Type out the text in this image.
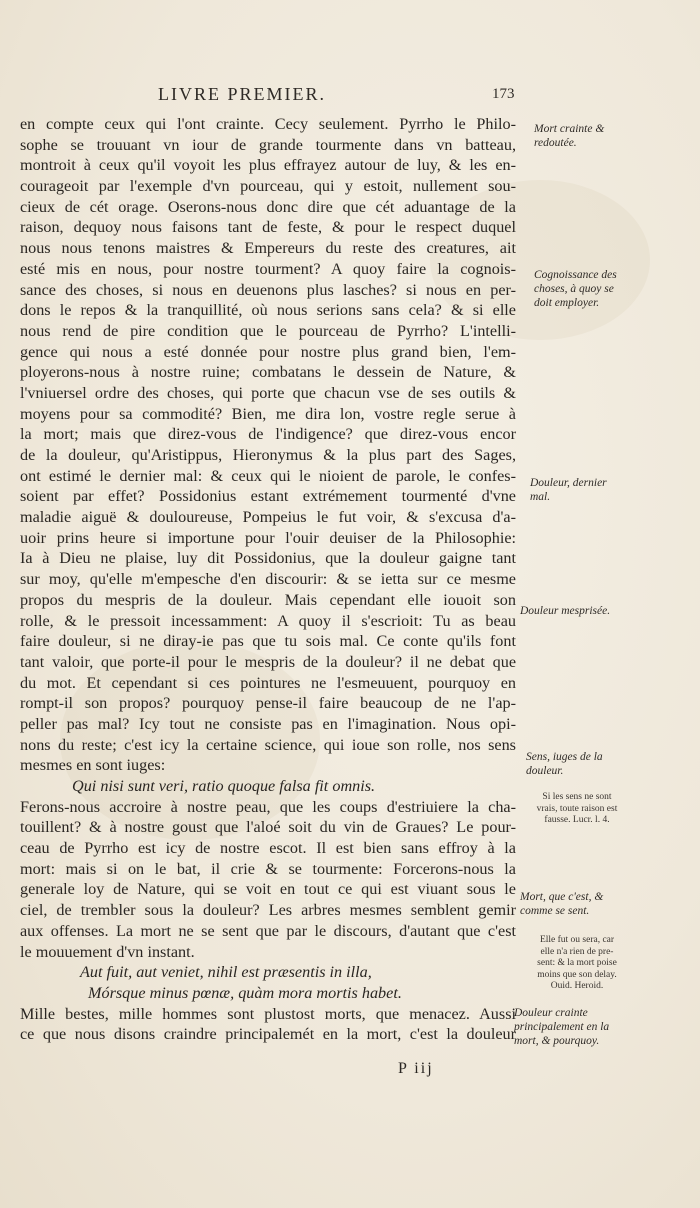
LIVRE PREMIER.	173
en compte ceux qui l'ont crainte. Cecy seulement. Pyrrho le Philo-
sophe se trouuant vn iour de grande tourmente dans vn batteau,
montroit à ceux qu'il voyoit les plus effrayez autour de luy, & les en-
courageoit par l'exemple d'vn pourceau, qui y estoit, nullement sou-
cieux de cét orage. Oserons-nous donc dire que cét aduantage de la
raison, dequoy nous faisons tant de feste, & pour le respect duquel
nous nous tenons maistres & Empereurs du reste des creatures, ait
esté mis en nous, pour nostre tourment? A quoy faire la cognois-
sance des choses, si nous en deuenons plus lasches? si nous en per-
dons le repos & la tranquillité, où nous serions sans cela? & si elle
nous rend de pire condition que le pourceau de Pyrrho? L'intelli-
gence qui nous a esté donnée pour nostre plus grand bien, l'em-
ployerons-nous à nostre ruine; combatans le dessein de Nature, &
l'vniuersel ordre des choses, qui porte que chacun vse de ses outils &
moyens pour sa commodité? Bien, me dira lon, vostre regle serue à
la mort; mais que direz-vous de l'indigence? que direz-vous encor
de la douleur, qu'Aristippus, Hieronymus & la plus part des Sages,
ont estimé le dernier mal: & ceux qui le nioient de parole, le confes-
soient par effet? Possidonius estant extrémement tourmenté d'vne
maladie aiguë & douloureuse, Pompeius le fut voir, & s'excusa d'a-
uoir prins heure si importune pour l'ouir deuiser de la Philosophie:
Ia à Dieu ne plaise, luy dit Possidonius, que la douleur gaigne tant
sur moy, qu'elle m'empesche d'en discourir: & se ietta sur ce mesme
propos du mespris de la douleur. Mais cependant elle iouoit son
rolle, & le pressoit incessamment: A quoy il s'escrioit: Tu as beau
faire douleur, si ne diray-ie pas que tu sois mal. Ce conte qu'ils font
tant valoir, que porte-il pour le mespris de la douleur? il ne debat que
du mot. Et cependant si ces pointures ne l'esmeuuent, pourquoy en
rompt-il son propos? pourquoy pense-il faire beaucoup de ne l'ap-
peller pas mal? Icy tout ne consiste pas en l'imagination. Nous opi-
nons du reste; c'est icy la certaine science, qui ioue son rolle, nos sens
mesmes en sont iuges:
Qui nisi sunt veri, ratio quoque falsa fit omnis.
Ferons-nous accroire à nostre peau, que les coups d'estriuiere la cha-
touillent? & à nostre goust que l'aloé soit du vin de Graues? Le pour-
ceau de Pyrrho est icy de nostre escot. Il est bien sans effroy à la
mort: mais si on le bat, il crie & se tourmente: Forcerons-nous la
generale loy de Nature, qui se voit en tout ce qui est viuant sous le
ciel, de trembler sous la douleur? Les arbres mesmes semblent gemir
aux offenses. La mort ne se sent que par le discours, d'autant que c'est
le mouuement d'vn instant.
Aut fuit, aut veniet, nihil est præsentis in illa,
Mórsque minus pœnæ, quàm mora mortis habet.
Mille bestes, mille hommes sont plustost morts, que menacez. Aussi
ce que nous disons craindre principalemét en la mort, c'est la douleur
Mort crainte &
redoutée.
Cognoissance des
choses, à quoy se
doit employer.
Douleur, dernier
mal.
Douleur mesprisée.
Sens, iuges de la
douleur.
Si les sens ne sont
vrais, toute raison est
fausse. Lucr. l. 4.
Mort, que c'est, &
comme se sent.
Elle fut ou sera, car
elle n'a rien de pre-
sent: & la mort poise
moins que son delay.
Ouid. Heroid.
Douleur crainte
principalement en la
mort, & pourquoy.
P iij
